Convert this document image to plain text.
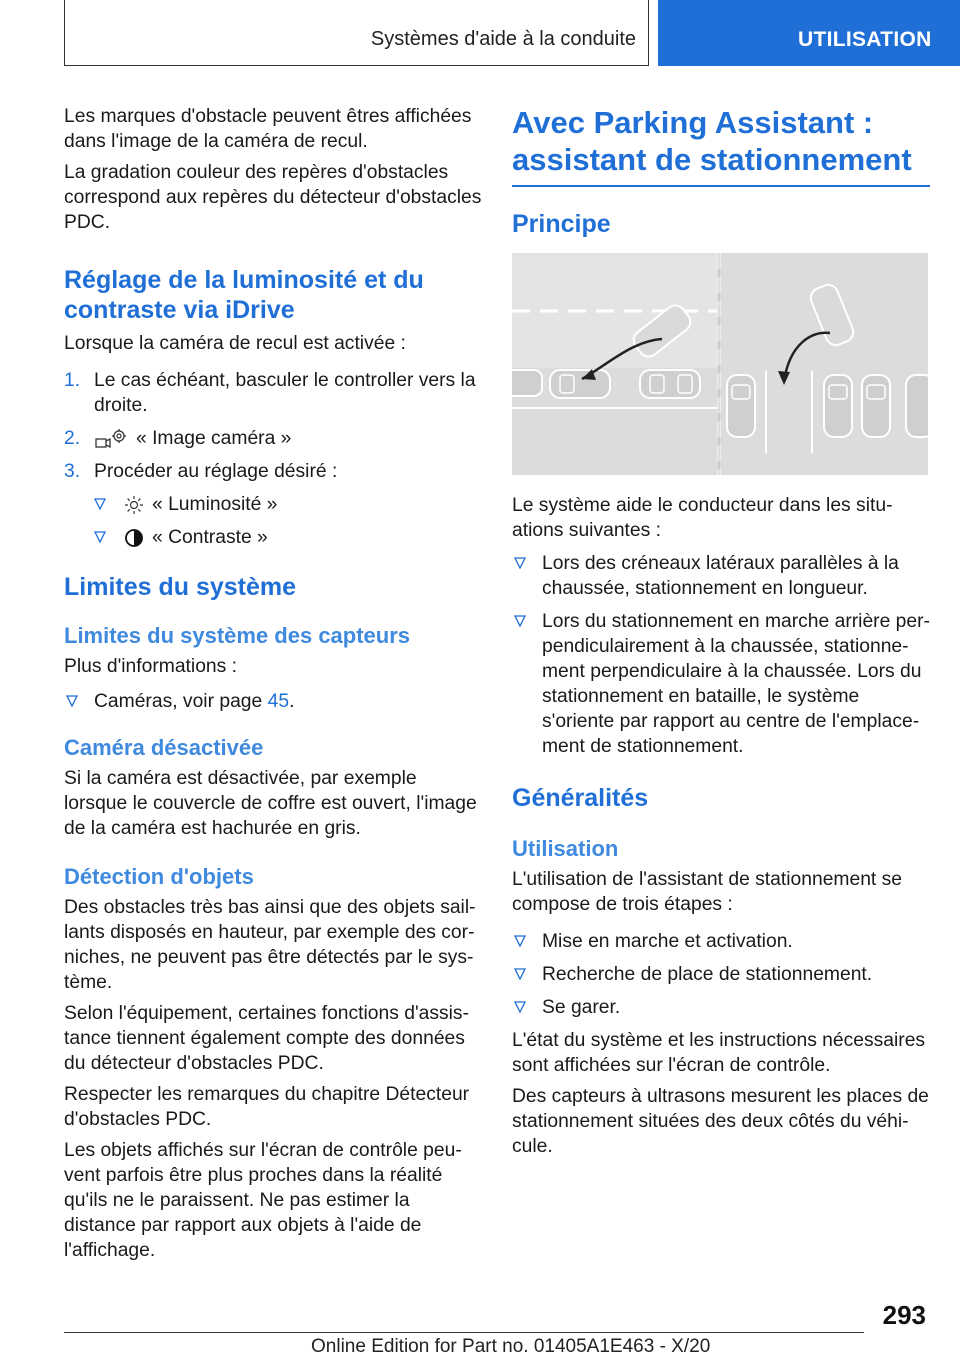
Systèmes d'aide à la conduite	UTILISATION

Les marques d'obstacle peuvent êtres affichées dans l'image de la caméra de recul.

La gradation couleur des repères d'obstacles correspond aux repères du détecteur d'obstacles PDC.

Réglage de la luminosité et du contraste via iDrive

Lorsque la caméra de recul est activée :

1. Le cas échéant, basculer le controller vers la droite.
2.	« Image caméra »
3. Procéder au réglage désiré :
« Luminosité »
« Contraste »
Limites du système
Limites du système des capteurs

Plus d'informations :

Caméras, voir page 45.
Caméra désactivée

Si la caméra est désactivée, par exemple lorsque le couvercle de coffre est ouvert, l'image de la caméra est hachurée en gris.

Détection d'objets

Des obstacles très bas ainsi que des objets saillants disposés en hauteur, par exemple des corniches, ne peuvent pas être détectés par le système.

Selon l'équipement, certaines fonctions d'assistance tiennent également compte des données du détecteur d'obstacles PDC.

Respecter les remarques du chapitre Détecteur d'obstacles PDC.

Les objets affichés sur l'écran de contrôle peuvent parfois être plus proches dans la réalité qu'ils ne le paraissent. Ne pas estimer la distance par rapport aux objets à l'aide de l'affichage.

Avec Parking Assistant : assistant de stationnement
Principe

Le système aide le conducteur dans les situations suivantes :

Lors des créneaux latéraux parallèles à la chaussée, stationnement en longueur.
Lors du stationnement en marche arrière perpendiculairement à la chaussée, stationnement perpendiculaire à la chaussée. Lors du stationnement en bataille, le système s'oriente par rapport au centre de l'emplacement de stationnement.
Généralités
Utilisation

L'utilisation de l'assistant de stationnement se compose de trois étapes :

Mise en marche et activation.
Recherche de place de stationnement.
Se garer.

L'état du système et les instructions nécessaires sont affichées sur l'écran de contrôle.

Des capteurs à ultrasons mesurent les places de stationnement situées des deux côtés du véhicule.

293
Online Edition for Part no. 01405A1E463 - X/20
